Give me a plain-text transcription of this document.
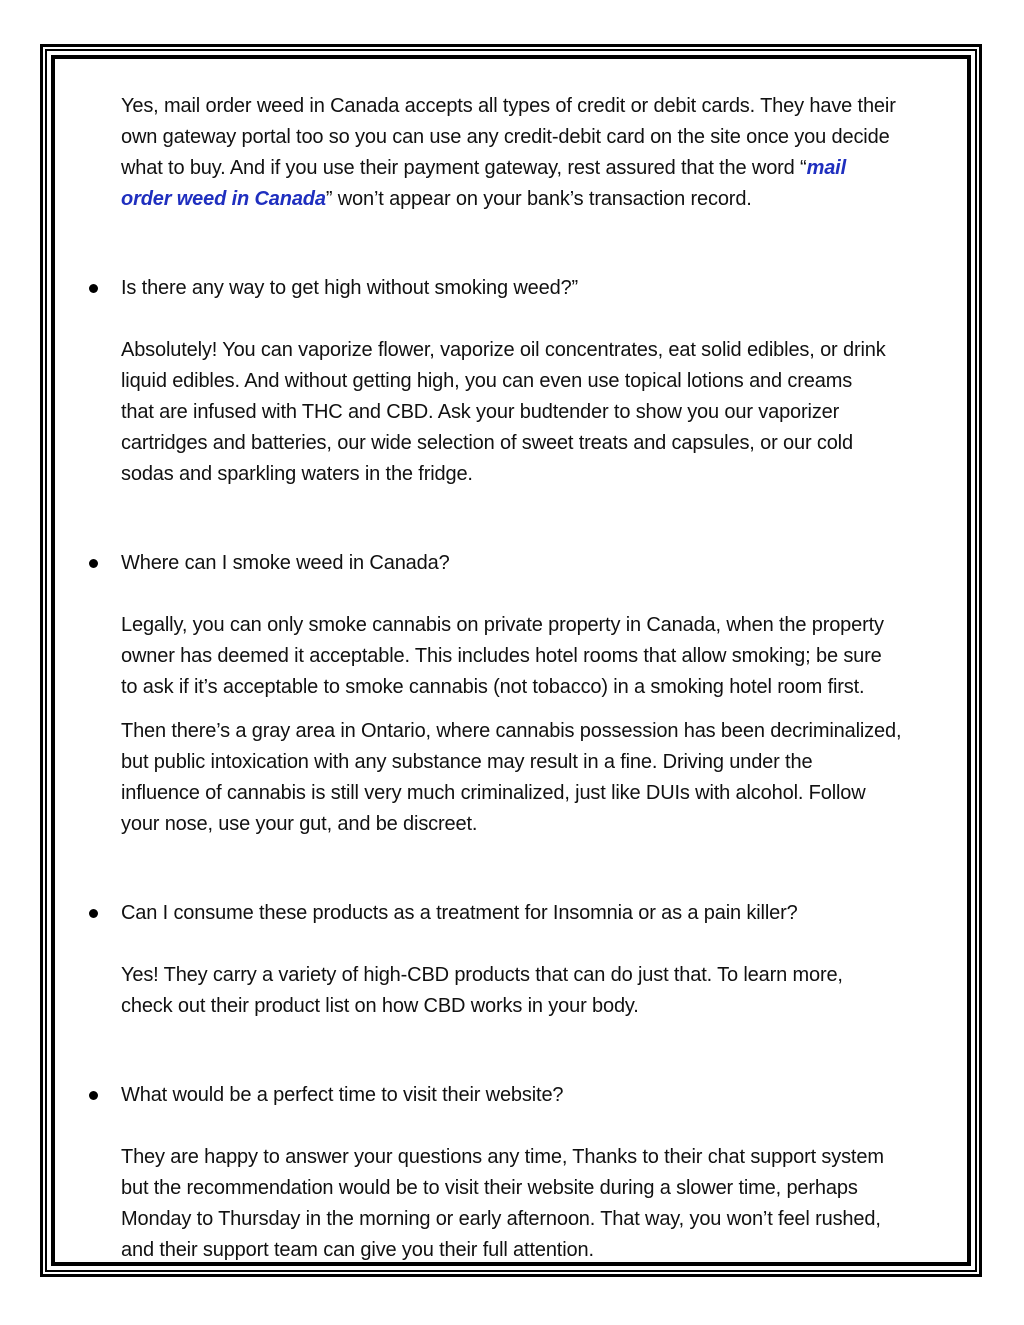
Yes, mail order weed in Canada accepts all types of credit or debit cards. They have their
own gateway portal too so you can use any credit-debit card on the site once you decide
what to buy. And if you use their payment gateway, rest assured that the word “mail
order weed in Canada” won’t appear on your bank’s transaction record.

Is there any way to get high without smoking weed?”

Absolutely! You can vaporize flower, vaporize oil concentrates, eat solid edibles, or drink
liquid edibles. And without getting high, you can even use topical lotions and creams
that are infused with THC and CBD. Ask your budtender to show you our vaporizer
cartridges and batteries, our wide selection of sweet treats and capsules, or our cold
sodas and sparkling waters in the fridge.

Where can I smoke weed in Canada?

Legally, you can only smoke cannabis on private property in Canada, when the property
owner has deemed it acceptable. This includes hotel rooms that allow smoking; be sure
to ask if it’s acceptable to smoke cannabis (not tobacco) in a smoking hotel room first.
Then there’s a gray area in Ontario, where cannabis possession has been decriminalized,
but public intoxication with any substance may result in a fine. Driving under the
influence of cannabis is still very much criminalized, just like DUIs with alcohol. Follow
your nose, use your gut, and be discreet.

Can I consume these products as a treatment for Insomnia or as a pain killer?

Yes! They carry a variety of high-CBD products that can do just that. To learn more,
check out their product list on how CBD works in your body.

What would be a perfect time to visit their website?

They are happy to answer your questions any time, Thanks to their chat support system
but the recommendation would be to visit their website during a slower time, perhaps
Monday to Thursday in the morning or early afternoon. That way, you won’t feel rushed,
and their support team can give you their full attention.
